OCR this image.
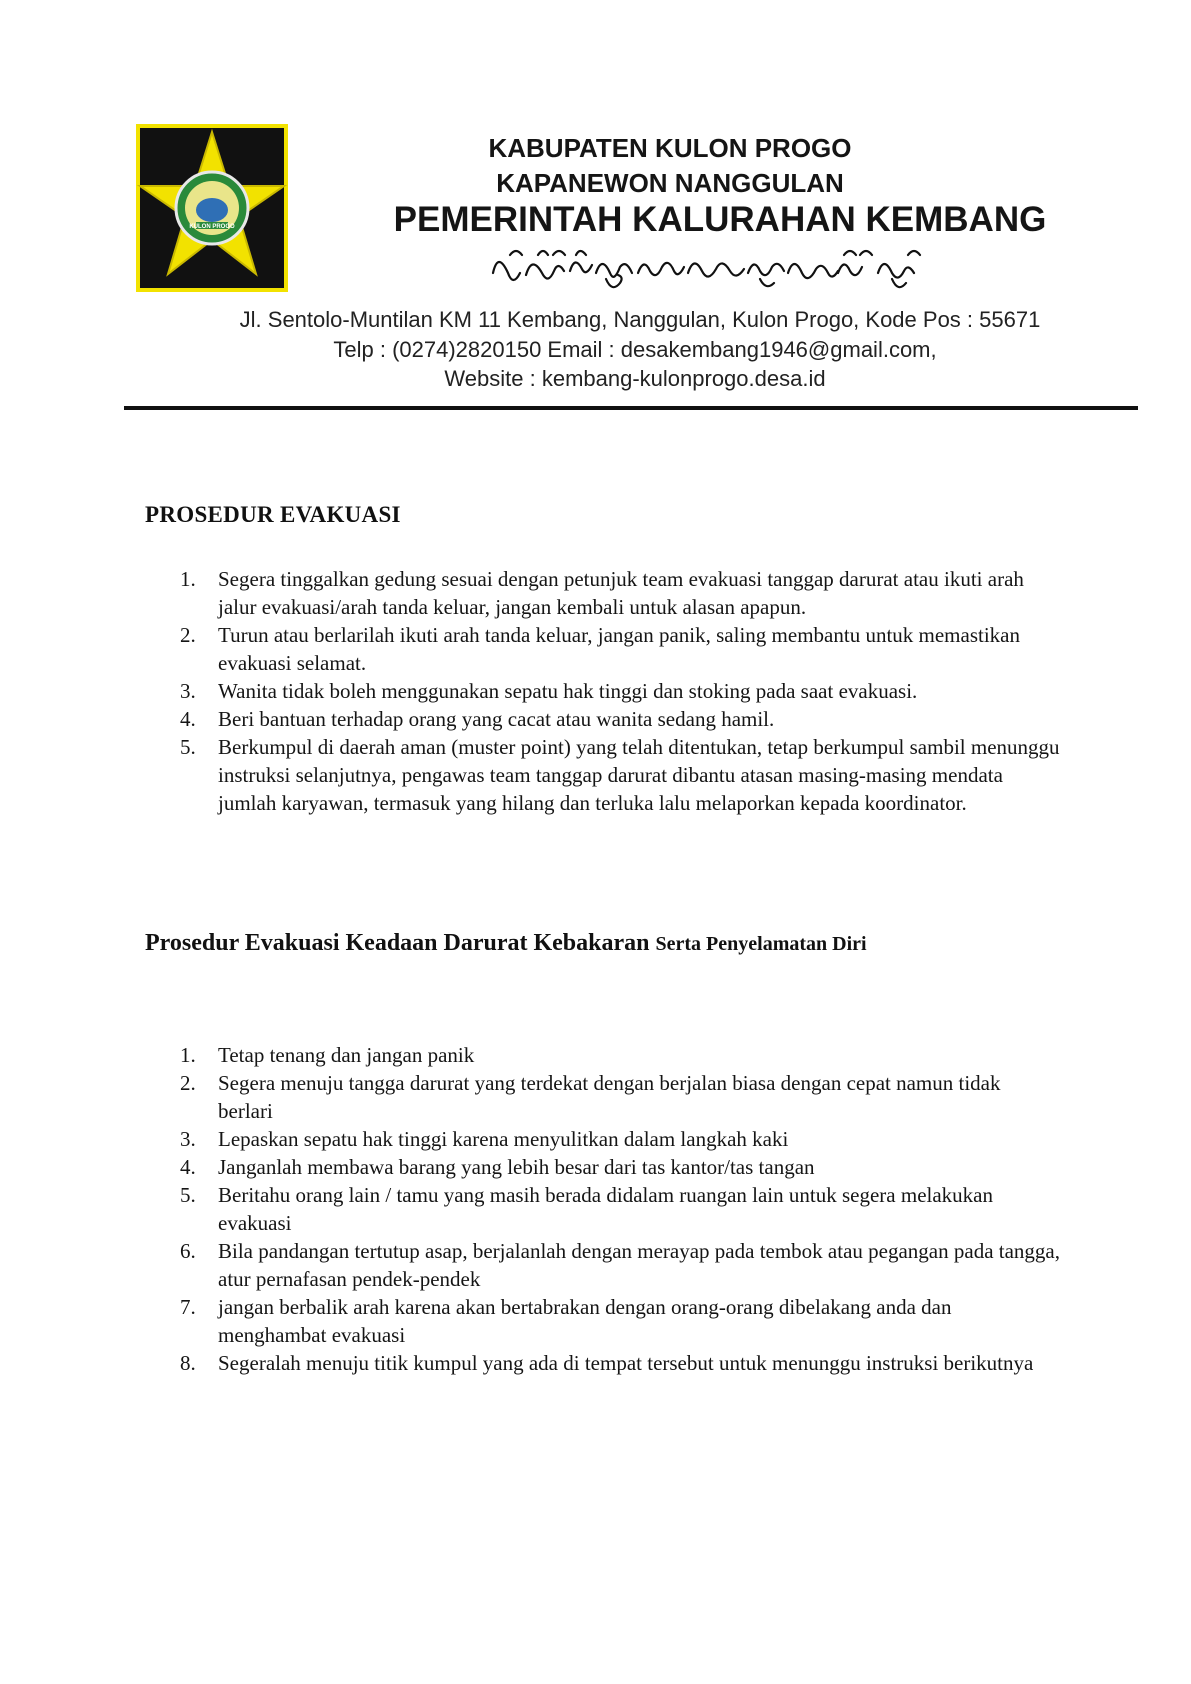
KULON PROGO
KABUPATEN KULON PROGO
KAPANEWON NANGGULAN
PEMERINTAH KALURAHAN KEMBANG
Jl. Sentolo-Muntilan KM 11 Kembang, Nanggulan, Kulon Progo, Kode Pos : 55671
Telp : (0274)2820150 Email : desakembang1946@gmail.com,
Website : kembang-kulonprogo.desa.id
PROSEDUR EVAKUASI
1.	Segera tinggalkan gedung sesuai dengan petunjuk team evakuasi tanggap darurat atau ikuti arah jalur evakuasi/arah tanda keluar, jangan kembali untuk alasan apapun.
2.	Turun atau berlarilah ikuti arah tanda keluar, jangan panik, saling membantu untuk memastikan evakuasi selamat.
3.	Wanita tidak boleh menggunakan sepatu hak tinggi dan stoking pada saat evakuasi.
4.	Beri bantuan terhadap orang yang cacat atau wanita sedang hamil.
5.	Berkumpul di daerah aman (muster point) yang telah ditentukan, tetap berkumpul sambil menunggu instruksi selanjutnya, pengawas team tanggap darurat dibantu atasan masing-masing mendata jumlah karyawan, termasuk yang hilang dan terluka lalu melaporkan kepada koordinator.
Prosedur Evakuasi Keadaan Darurat Kebakaran Serta Penyelamatan Diri
1.	Tetap tenang dan jangan panik
2.	Segera menuju tangga darurat yang terdekat dengan berjalan biasa dengan cepat namun tidak berlari
3.	Lepaskan sepatu hak tinggi karena menyulitkan dalam langkah kaki
4.	Janganlah membawa barang yang lebih besar dari tas kantor/tas tangan
5.	Beritahu orang lain / tamu yang masih berada didalam ruangan lain untuk segera melakukan evakuasi
6.	Bila pandangan tertutup asap, berjalanlah dengan merayap pada tembok atau pegangan pada tangga, atur pernafasan pendek-pendek
7.	jangan berbalik arah karena akan bertabrakan dengan orang-orang dibelakang anda dan menghambat evakuasi
8.	Segeralah menuju titik kumpul yang ada di tempat tersebut untuk menunggu instruksi berikutnya
